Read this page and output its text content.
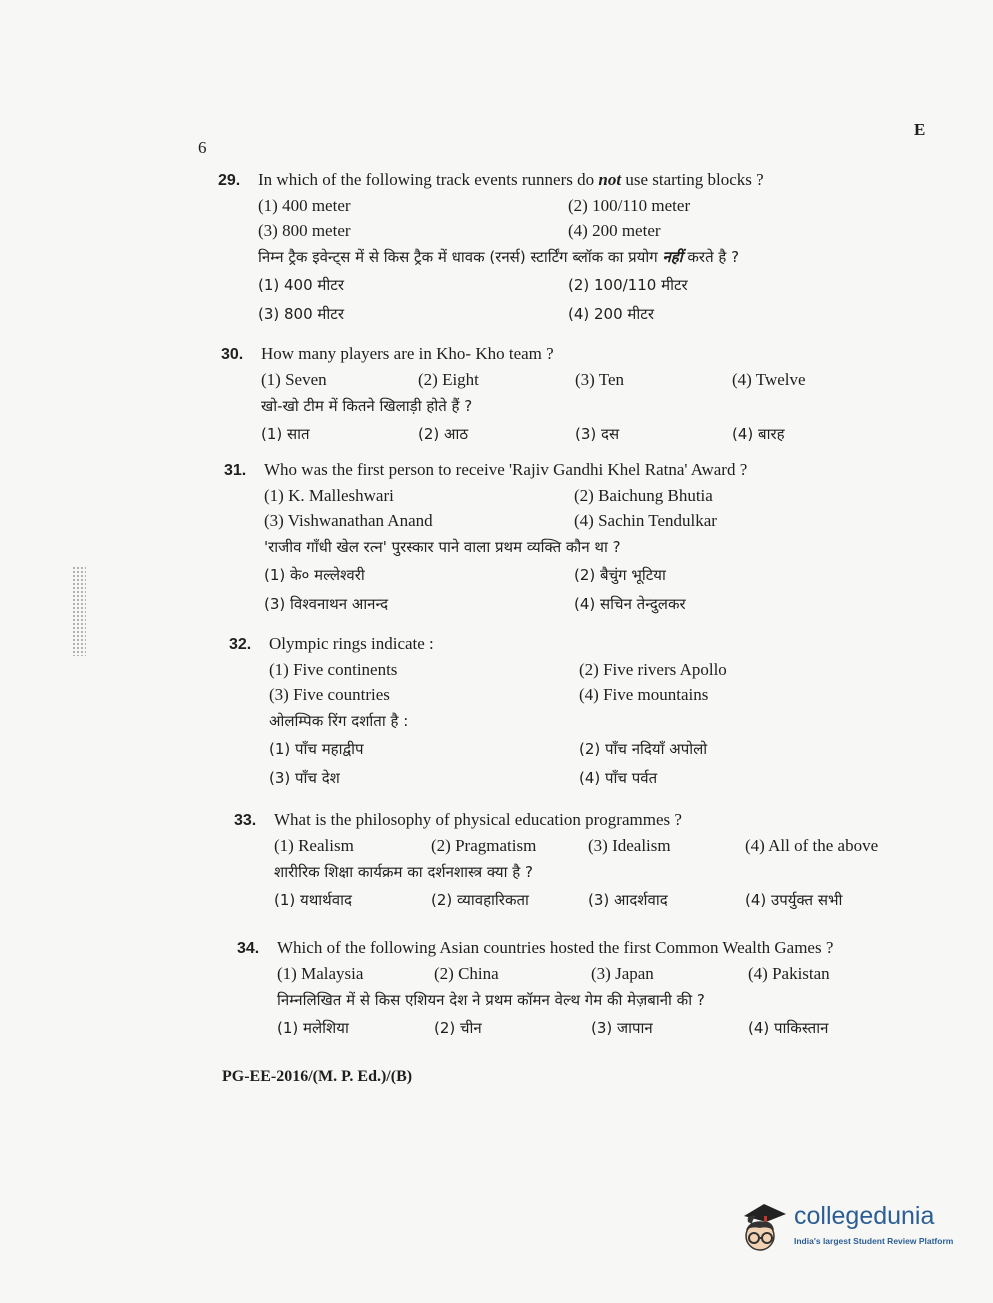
6
E
29. In which of the following track events runners do not use starting blocks ?
(1) 400 meter	(2) 100/110 meter
(3) 800 meter	(4) 200 meter
निम्न ट्रैक इवेन्ट्स में से किस ट्रैक में धावक (रनर्स) स्टार्टिंग ब्लॉक का प्रयोग नहीं करते है ?
(1) 400 मीटर	(2) 100/110 मीटर
(3) 800 मीटर	(4) 200 मीटर
30. How many players are in Kho- Kho team ?
(1) Seven	(2) Eight	(3) Ten	(4) Twelve
खो-खो टीम में कितने खिलाड़ी होते हैं ?
(1) सात	(2) आठ	(3) दस	(4) बारह
31. Who was the first person to receive 'Rajiv Gandhi Khel Ratna' Award ?
(1) K. Malleshwari	(2) Baichung Bhutia
(3) Vishwanathan Anand	(4) Sachin Tendulkar
'राजीव गाँधी खेल रत्न' पुरस्कार पाने वाला प्रथम व्यक्ति कौन था ?
(1) के० मल्लेश्वरी	(2) बैचुंग भूटिया
(3) विश्वनाथन आनन्द	(4) सचिन तेन्दुलकर
32. Olympic rings indicate :
(1) Five continents	(2) Five rivers Apollo
(3) Five countries	(4) Five mountains
ओलम्पिक रिंग दर्शाता है :
(1) पाँच महाद्वीप	(2) पाँच नदियाँ अपोलो
(3) पाँच देश	(4) पाँच पर्वत
33. What is the philosophy of physical education programmes ?
(1) Realism	(2) Pragmatism	(3) Idealism	(4) All of the above
शारीरिक शिक्षा कार्यक्रम का दर्शनशास्त्र क्या है ?
(1) यथार्थवाद	(2) व्यावहारिकता	(3) आदर्शवाद	(4) उपर्युक्त सभी
34. Which of the following Asian countries hosted the first Common Wealth Games ?
(1) Malaysia	(2) China	(3) Japan	(4) Pakistan
निम्नलिखित में से किस एशियन देश ने प्रथम कॉमन वेल्थ गेम की मेज़बानी की ?
(1) मलेशिया	(2) चीन	(3) जापान	(4) पाकिस्तान
PG-EE-2016/(M. P. Ed.)/(B)
collegedunia
India's largest Student Review Platform
